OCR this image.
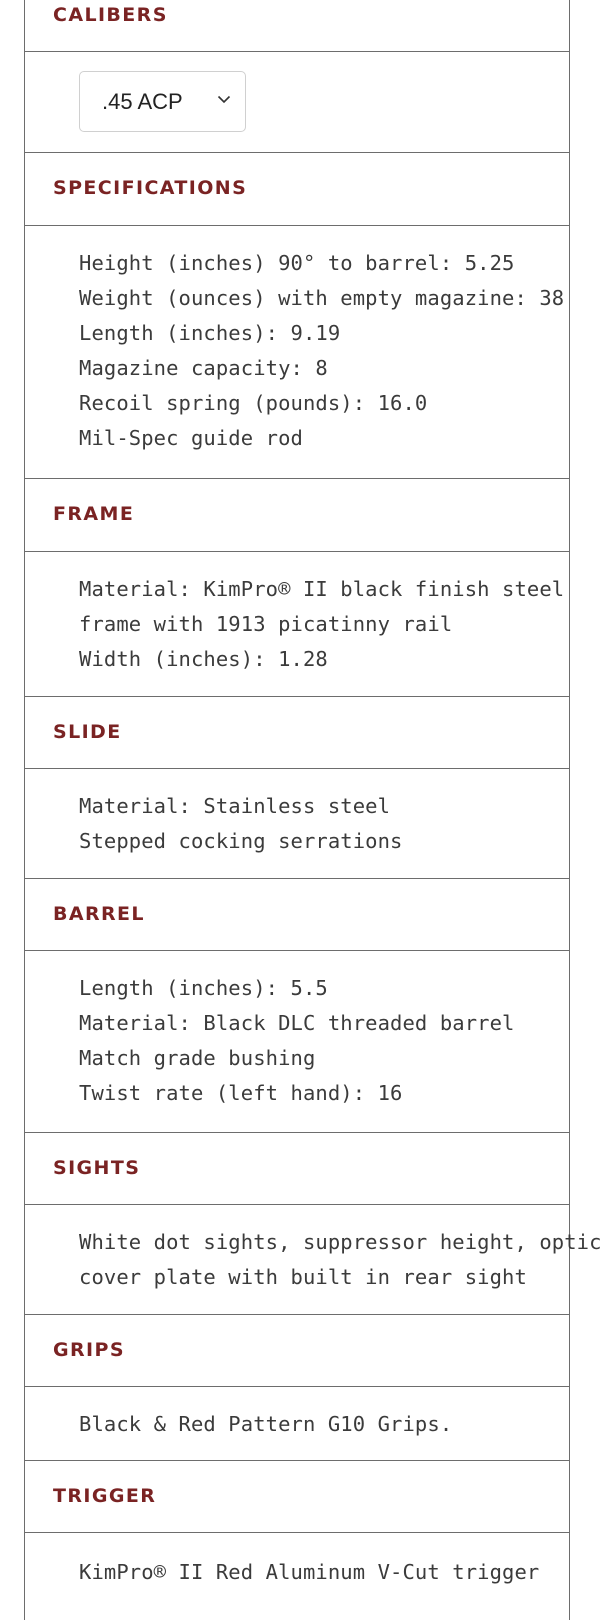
CALIBERS
.45 ACP
SPECIFICATIONS
Height (inches) 90° to barrel: 5.25
Weight (ounces) with empty magazine: 38
Length (inches): 9.19
Magazine capacity: 8
Recoil spring (pounds): 16.0
Mil-Spec guide rod
FRAME
Material: KimPro® II black finish steel
frame with 1913 picatinny rail
Width (inches): 1.28
SLIDE
Material: Stainless steel
Stepped cocking serrations
BARREL
Length (inches): 5.5
Material: Black DLC threaded barrel
Match grade bushing
Twist rate (left hand): 16
SIGHTS
White dot sights, suppressor height, optic
cover plate with built in rear sight
GRIPS
Black & Red Pattern G10 Grips.
TRIGGER
KimPro® II Red Aluminum V-Cut trigger
